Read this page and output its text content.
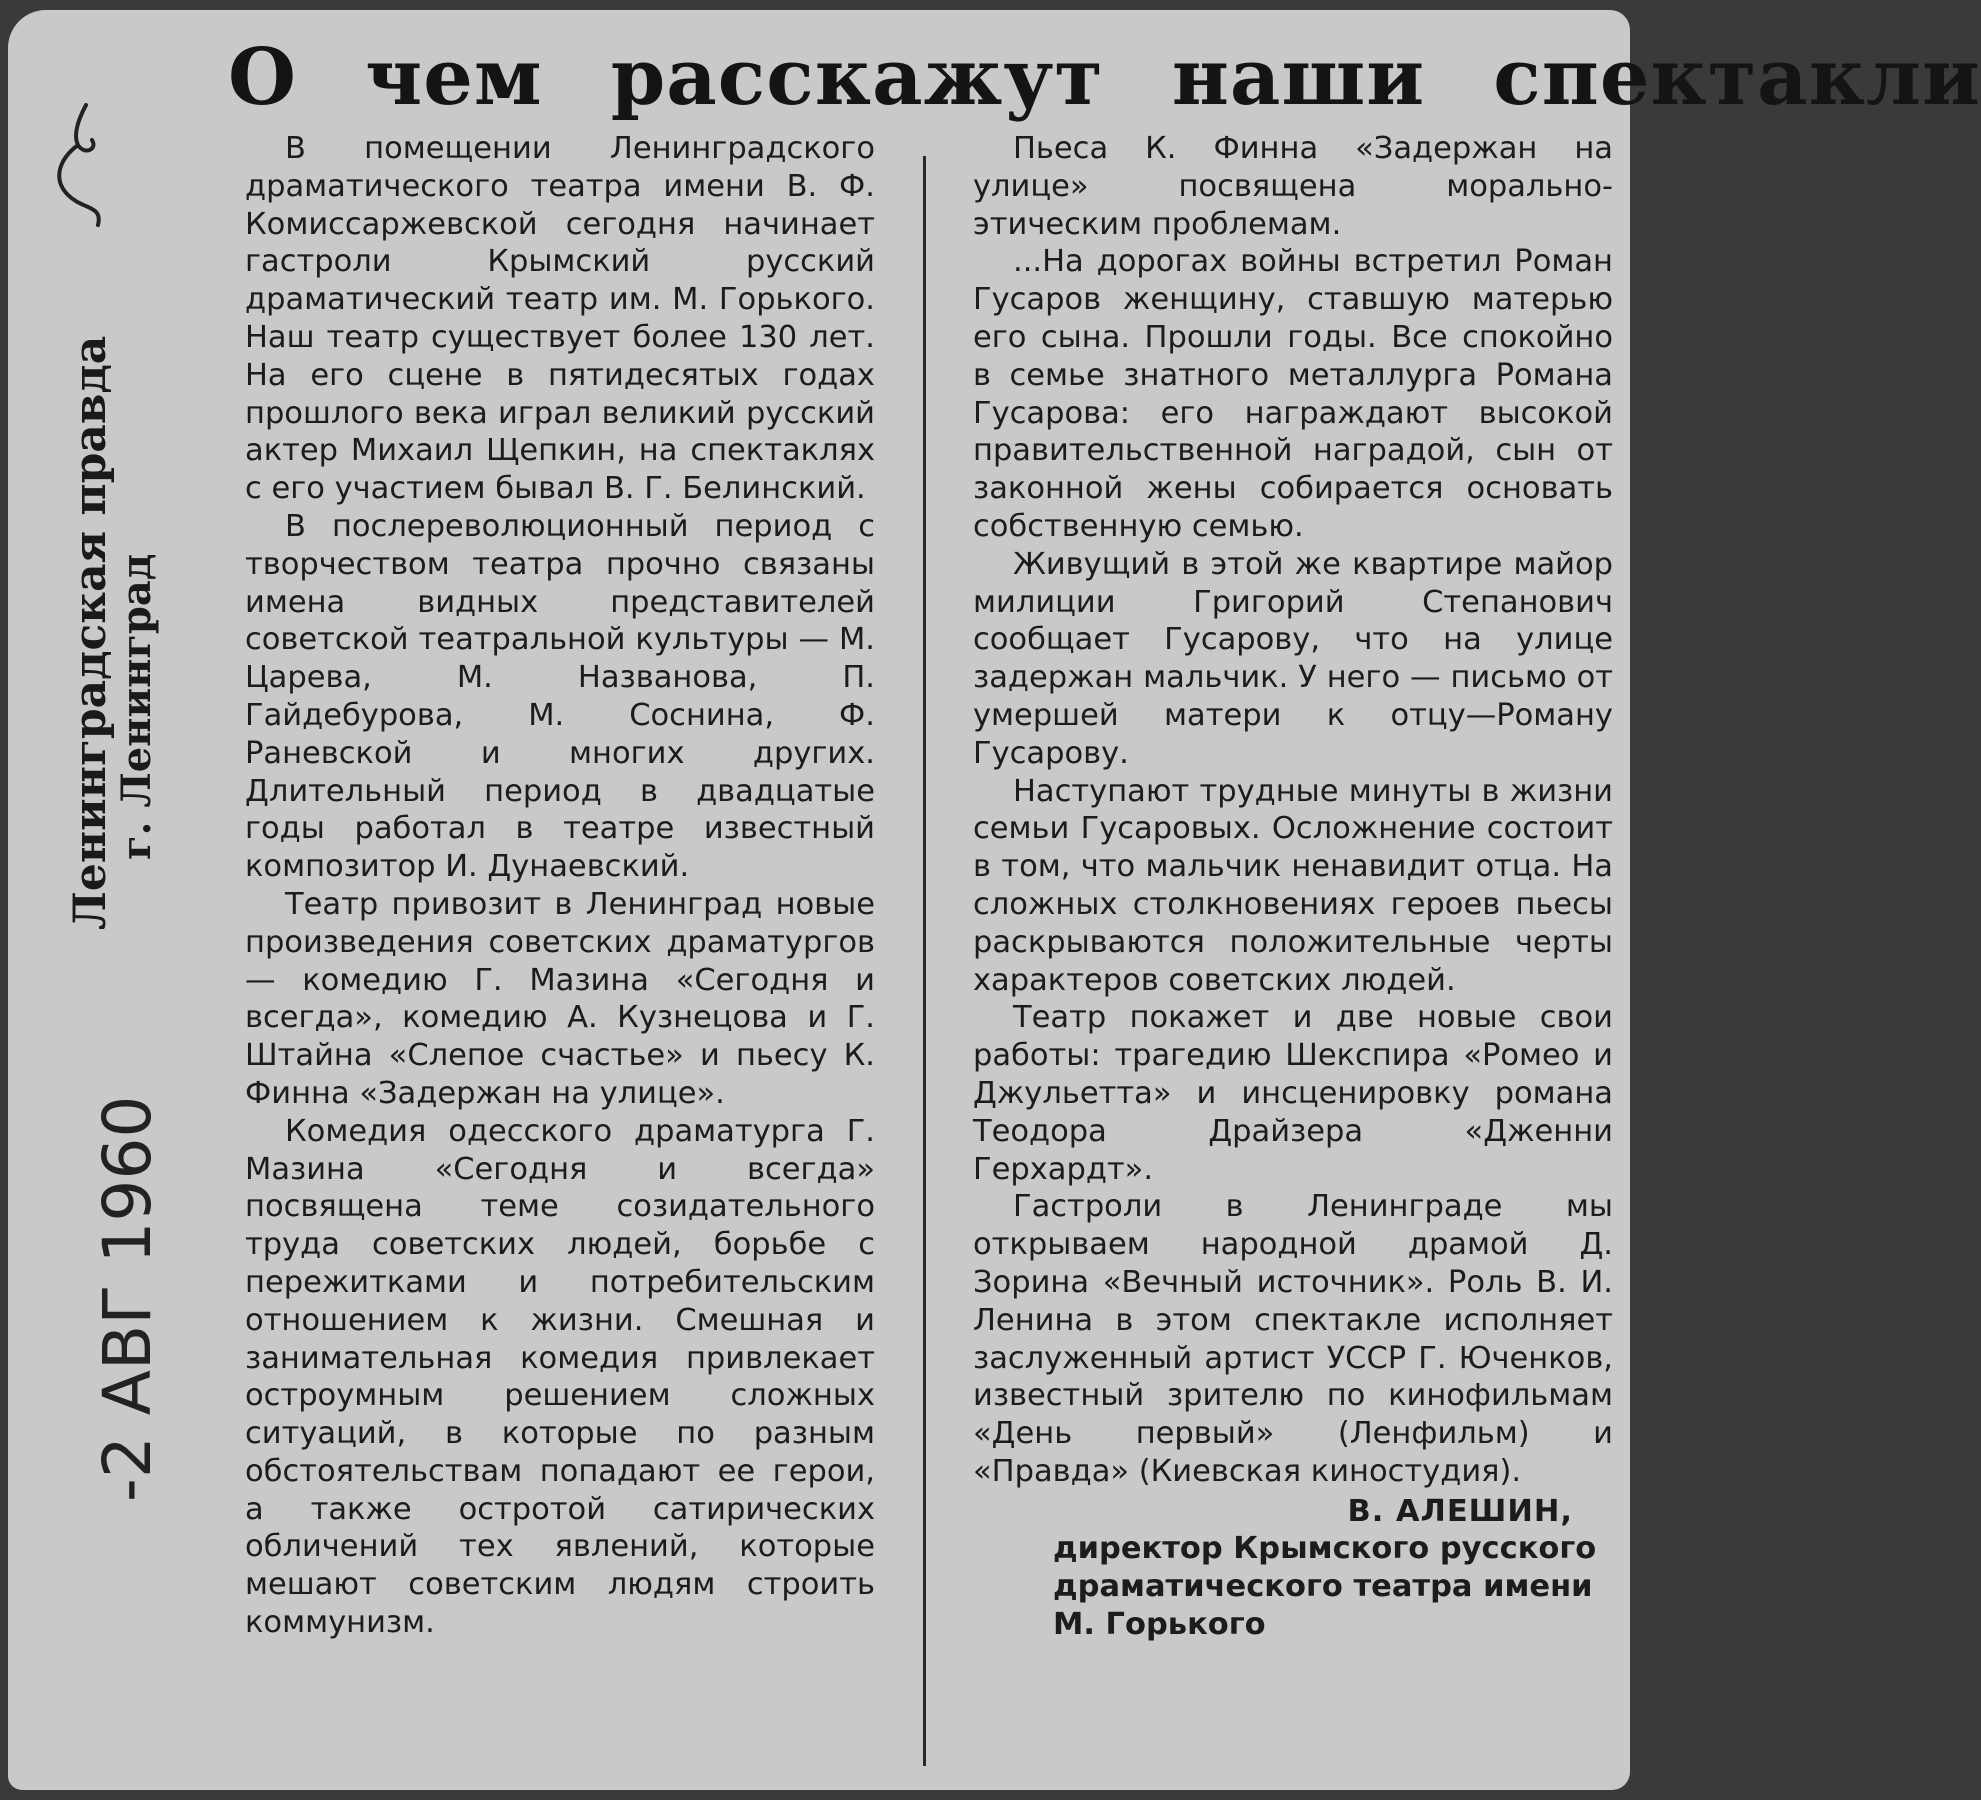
Ленинградская правда
г. Ленинград
-2 АВГ 1960
О чем расскажут наши спектакли

В помещении Ленинградского драматического театра имени В. Ф. Комиссаржевской сегодня начинает гастроли Крымский русский драматический театр им. М. Горького. Наш театр существует более 130 лет. На его сцене в пятидесятых годах прошлого века играл великий русский актер Михаил Щепкин, на спектаклях с его участием бывал В. Г. Белинский.

В послереволюционный период с творчеством театра прочно связаны имена видных представителей советской театральной культуры — М. Царева, М. Названова, П. Гайдебурова, М. Соснина, Ф. Раневской и многих других. Длительный период в двадцатые годы работал в театре известный композитор И. Дунаевский.

Театр привозит в Ленинград новые произведения советских драматургов — комедию Г. Мазина «Сегодня и всегда», комедию А. Кузнецова и Г. Штайна «Слепое счастье» и пьесу К. Финна «Задержан на улице».

Комедия одесского драматурга Г. Мазина «Сегодня и всегда» посвящена теме созидательного труда советских людей, борьбе с пережитками и потребительским отношением к жизни. Смешная и занимательная комедия привлекает остроумным решением сложных ситуаций, в которые по разным обстоятельствам попадают ее герои, а также остротой сатирических обличений тех явлений, которые мешают советским людям строить коммунизм.

Пьеса К. Финна «Задержан на улице» посвящена морально-этическим проблемам.

...На дорогах войны встретил Роман Гусаров женщину, ставшую матерью его сына. Прошли годы. Все спокойно в семье знатного металлурга Романа Гусарова: его награждают высокой правительственной наградой, сын от законной жены собирается основать собственную семью.

Живущий в этой же квартире майор милиции Григорий Степанович сообщает Гусарову, что на улице задержан мальчик. У него — письмо от умершей матери к отцу—Роману Гусарову.

Наступают трудные минуты в жизни семьи Гусаровых. Осложнение состоит в том, что мальчик ненавидит отца. На сложных столкновениях героев пьесы раскрываются положительные черты характеров советских людей.

Театр покажет и две новые свои работы: трагедию Шекспира «Ромео и Джульетта» и инсценировку романа Теодора Драйзера «Дженни Герхардт».

Гастроли в Ленинграде мы открываем народной драмой Д. Зорина «Вечный источник». Роль В. И. Ленина в этом спектакле исполняет заслуженный артист УССР Г. Юченков, известный зрителю по кинофильмам «День первый» (Ленфильм) и «Правда» (Киевская киностудия).

В. АЛЕШИН,
директор Крымского русского драматического театра имени М. Горького
